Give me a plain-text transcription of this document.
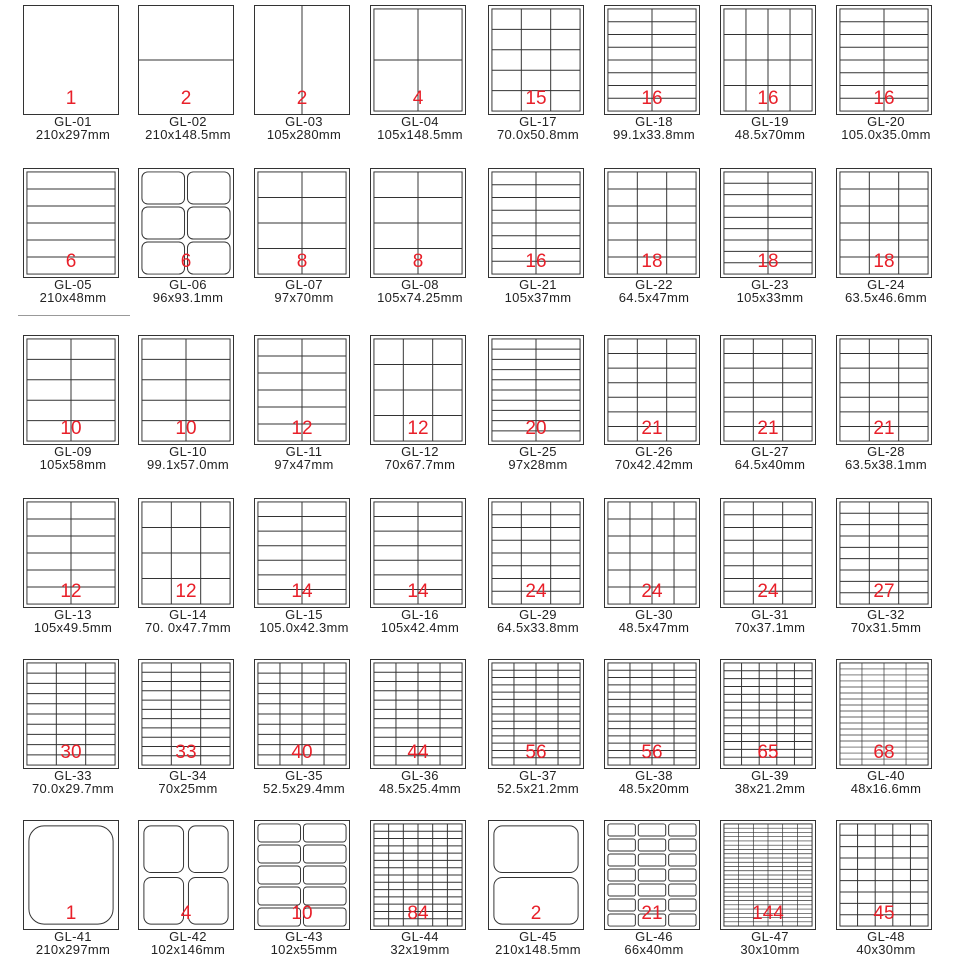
1
GL-01
210x297mm
2
GL-02
210x148.5mm
2
GL-03
105x280mm
4
GL-04
105x148.5mm
15
GL-17
70.0x50.8mm
16
GL-18
99.1x33.8mm
16
GL-19
48.5x70mm
16
GL-20
105.0x35.0mm
6
GL-05
210x48mm
6
GL-06
96x93.1mm
8
GL-07
97x70mm
8
GL-08
105x74.25mm
16
GL-21
105x37mm
18
GL-22
64.5x47mm
18
GL-23
105x33mm
18
GL-24
63.5x46.6mm
10
GL-09
105x58mm
10
GL-10
99.1x57.0mm
12
GL-11
97x47mm
12
GL-12
70x67.7mm
20
GL-25
97x28mm
21
GL-26
70x42.42mm
21
GL-27
64.5x40mm
21
GL-28
63.5x38.1mm
12
GL-13
105x49.5mm
12
GL-14
70. 0x47.7mm
14
GL-15
105.0x42.3mm
14
GL-16
105x42.4mm
24
GL-29
64.5x33.8mm
24
GL-30
48.5x47mm
24
GL-31
70x37.1mm
27
GL-32
70x31.5mm
30
GL-33
70.0x29.7mm
33
GL-34
70x25mm
40
GL-35
52.5x29.4mm
44
GL-36
48.5x25.4mm
56
GL-37
52.5x21.2mm
56
GL-38
48.5x20mm
65
GL-39
38x21.2mm
68
GL-40
48x16.6mm
1
GL-41
210x297mm
4
GL-42
102x146mm
10
GL-43
102x55mm
84
GL-44
32x19mm
2
GL-45
210x148.5mm
21
GL-46
66x40mm
144
GL-47
30x10mm
45
GL-48
40x30mm
